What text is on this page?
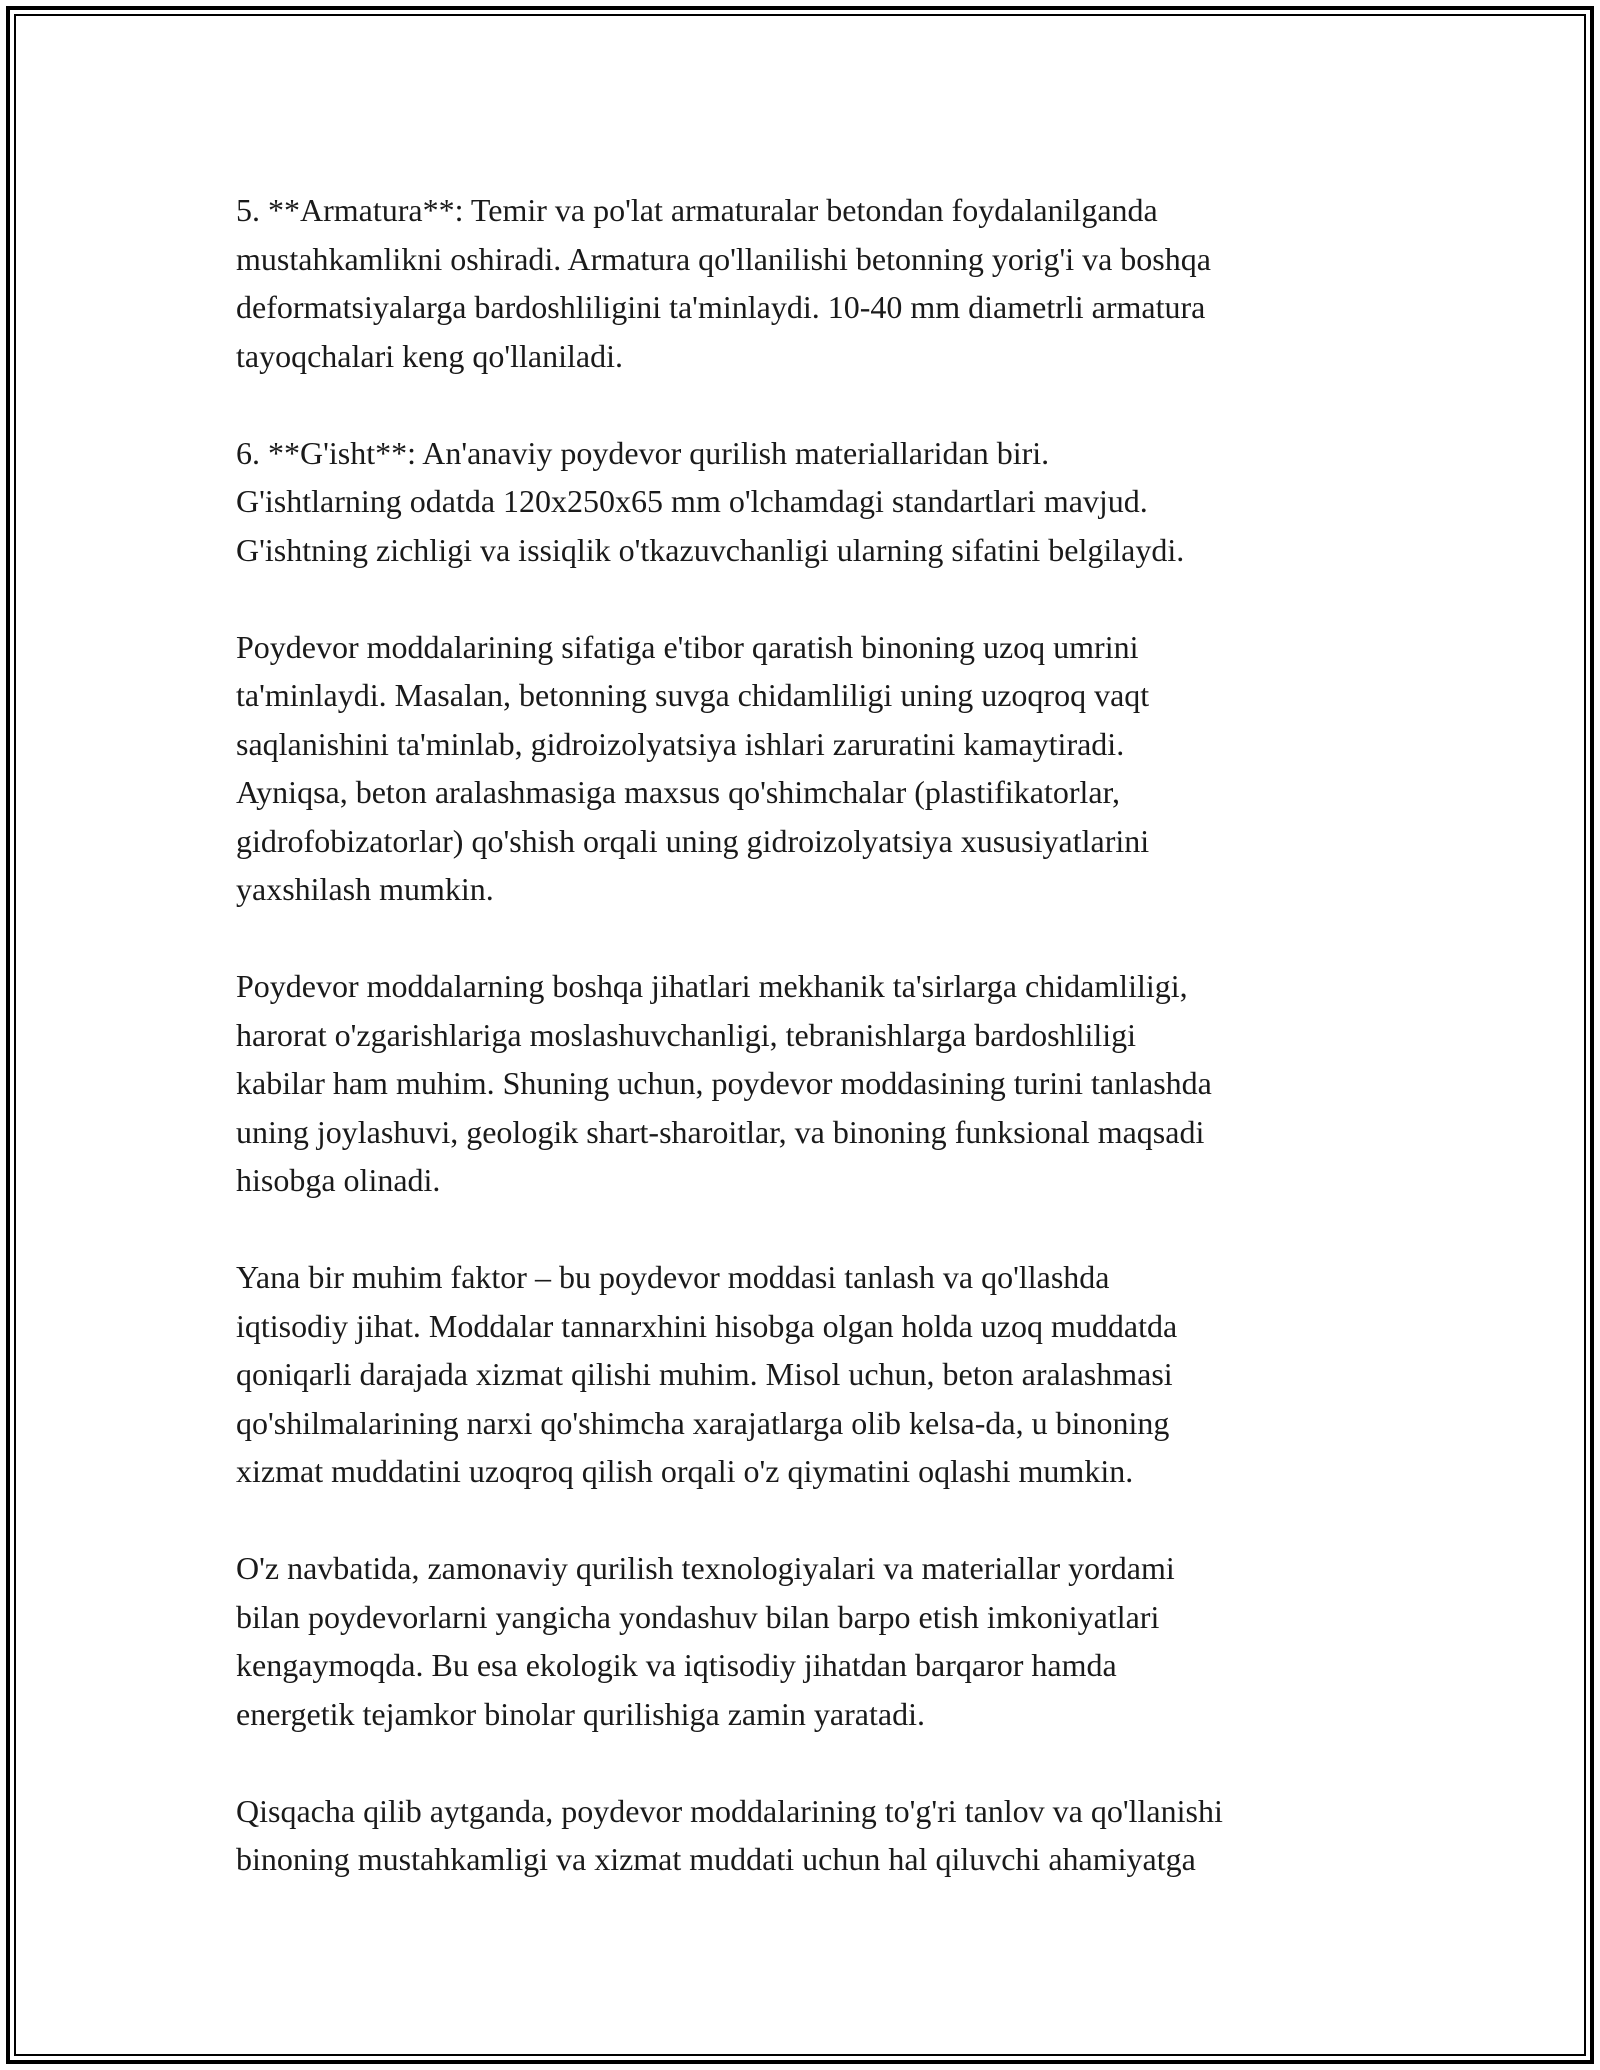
5. **Armatura**: Temir va po'lat armaturalar betondan foydalanilganda
mustahkamlikni oshiradi. Armatura qo'llanilishi betonning yorig'i va boshqa
deformatsiyalarga bardoshliligini ta'minlaydi. 10-40 mm diametrli armatura
tayoqchalari keng qo'llaniladi.

6. **G'isht**: An'anaviy poydevor qurilish materiallaridan biri.
G'ishtlarning odatda 120x250x65 mm o'lchamdagi standartlari mavjud.
G'ishtning zichligi va issiqlik o'tkazuvchanligi ularning sifatini belgilaydi.

Poydevor moddalarining sifatiga e'tibor qaratish binoning uzoq umrini
ta'minlaydi. Masalan, betonning suvga chidamliligi uning uzoqroq vaqt
saqlanishini ta'minlab, gidroizolyatsiya ishlari zaruratini kamaytiradi.
Ayniqsa, beton aralashmasiga maxsus qo'shimchalar (plastifikatorlar,
gidrofobizatorlar) qo'shish orqali uning gidroizolyatsiya xususiyatlarini
yaxshilash mumkin.

Poydevor moddalarning boshqa jihatlari mekhanik ta'sirlarga chidamliligi,
harorat o'zgarishlariga moslashuvchanligi, tebranishlarga bardoshliligi
kabilar ham muhim. Shuning uchun, poydevor moddasining turini tanlashda
uning joylashuvi, geologik shart-sharoitlar, va binoning funksional maqsadi
hisobga olinadi.

Yana bir muhim faktor – bu poydevor moddasi tanlash va qo'llashda
iqtisodiy jihat. Moddalar tannarxhini hisobga olgan holda uzoq muddatda
qoniqarli darajada xizmat qilishi muhim. Misol uchun, beton aralashmasi
qo'shilmalarining narxi qo'shimcha xarajatlarga olib kelsa-da, u binoning
xizmat muddatini uzoqroq qilish orqali o'z qiymatini oqlashi mumkin.

O'z navbatida, zamonaviy qurilish texnologiyalari va materiallar yordami
bilan poydevorlarni yangicha yondashuv bilan barpo etish imkoniyatlari
kengaymoqda. Bu esa ekologik va iqtisodiy jihatdan barqaror hamda
energetik tejamkor binolar qurilishiga zamin yaratadi.

Qisqacha qilib aytganda, poydevor moddalarining to'g'ri tanlov va qo'llanishi
binoning mustahkamligi va xizmat muddati uchun hal qiluvchi ahamiyatga
